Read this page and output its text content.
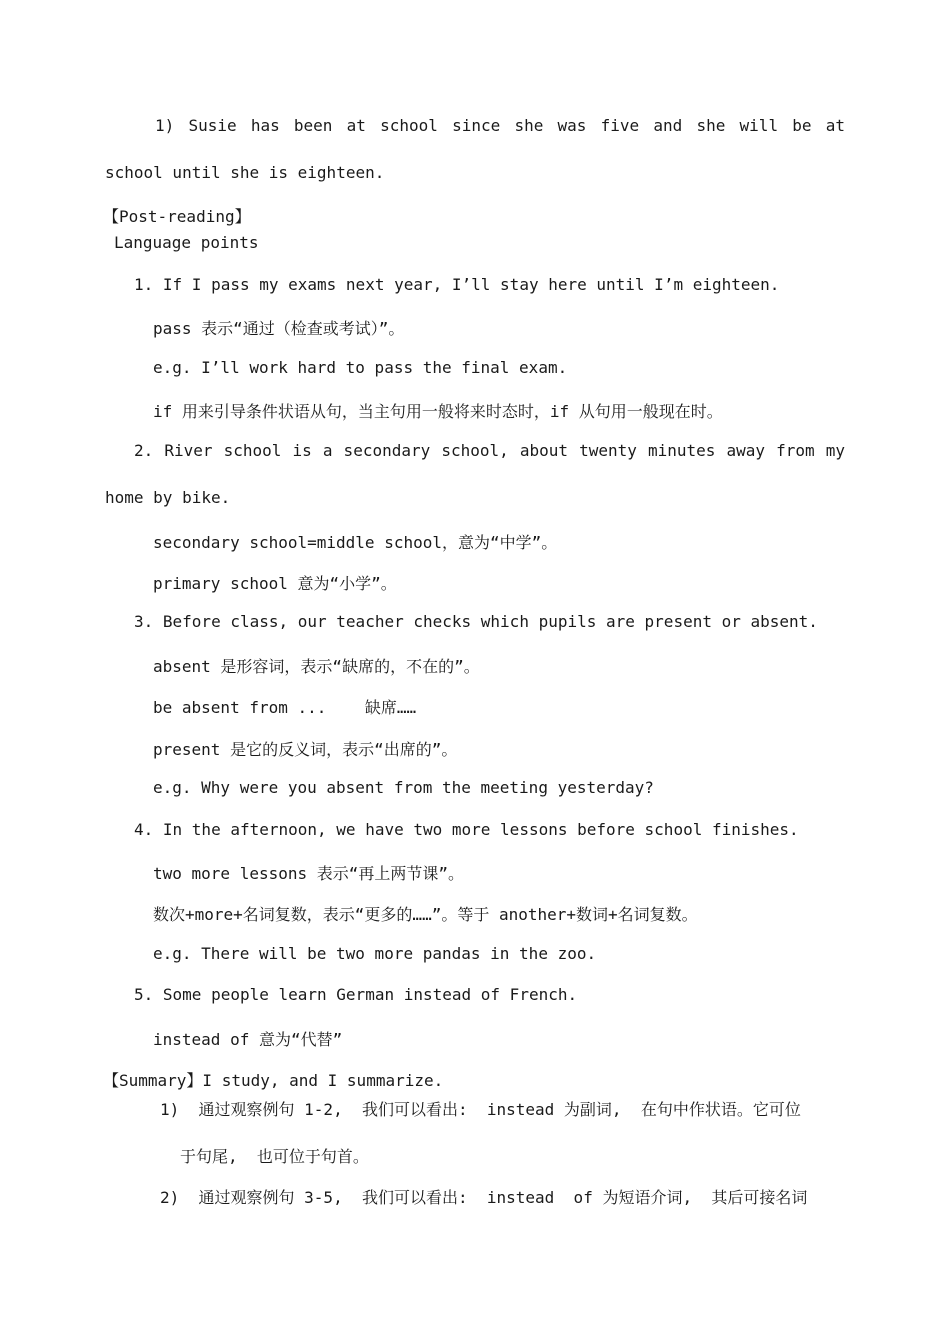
1) Susie has been at school since she was five and she will be at
school until she is eighteen.
【Post-reading】
Language points
1. If I pass my exams next year, I’ll stay here until I’m eighteen.
pass 表示“通过（检查或考试）”。
e.g. I’ll work hard to pass the final exam.
if 用来引导条件状语从句，当主句用一般将来时态时，if 从句用一般现在时。
2. River school is a secondary school, about twenty minutes away from my
home by bike.
secondary school=middle school，意为“中学”。
primary school 意为“小学”。
3. Before class, our teacher checks which pupils are present or absent.
absent 是形容词，表示“缺席的，不在的”。
be absent from ...    缺席……
present 是它的反义词，表示“出席的”。
e.g. Why were you absent from the meeting yesterday?
4. In the afternoon, we have two more lessons before school finishes.
two more lessons 表示“再上两节课”。
数次+more+名词复数，表示“更多的……”。等于 another+数词+名词复数。
e.g. There will be two more pandas in the zoo.
5. Some people learn German instead of French.
instead of 意为“代替”
【Summary】I study, and I summarize.
1)  通过观察例句 1-2,  我们可以看出:  instead 为副词,  在句中作状语。它可位
于句尾,  也可位于句首。
2)  通过观察例句 3-5,  我们可以看出:  instead  of 为短语介词,  其后可接名词
